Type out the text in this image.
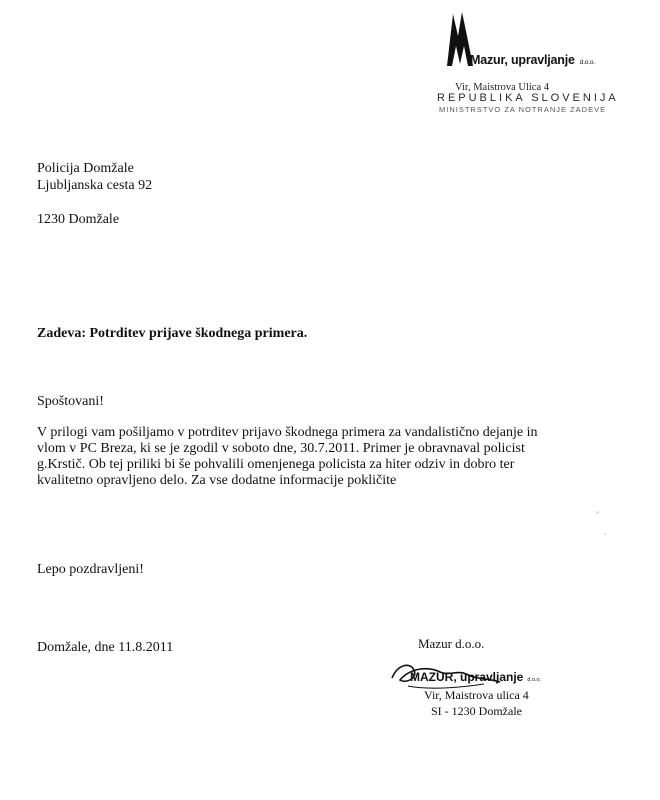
Mazur, upravljanje d.o.o.
Vir, Maistrova Ulica 4
REPUBLIKA SLOVENIJA
MINISTRSTVO ZA NOTRANJE ZADEVE
Policija Domžale
Ljubljanska cesta 92
1230 Domžale
Zadeva: Potrditev prijave škodnega primera.
Spoštovani!
V prilogi vam pošiljamo v potrditev prijavo škodnega primera za vandalistično dejanje in
vlom v PC Breza, ki se je zgodil v soboto dne, 30.7.2011. Primer je obravnaval policist
g.Krstič. Ob tej priliki bi še pohvalili omenjenega policista za hiter odziv in dobro ter
kvalitetno opravljeno delo. Za vse dodatne informacije pokličite
Lepo pozdravljeni!
Domžale, dne 11.8.2011	Mazur d.o.o.
MAZUR, upravljanje d.o.o.
Vir, Maistrova ulica 4
SI - 1230 Domžale
